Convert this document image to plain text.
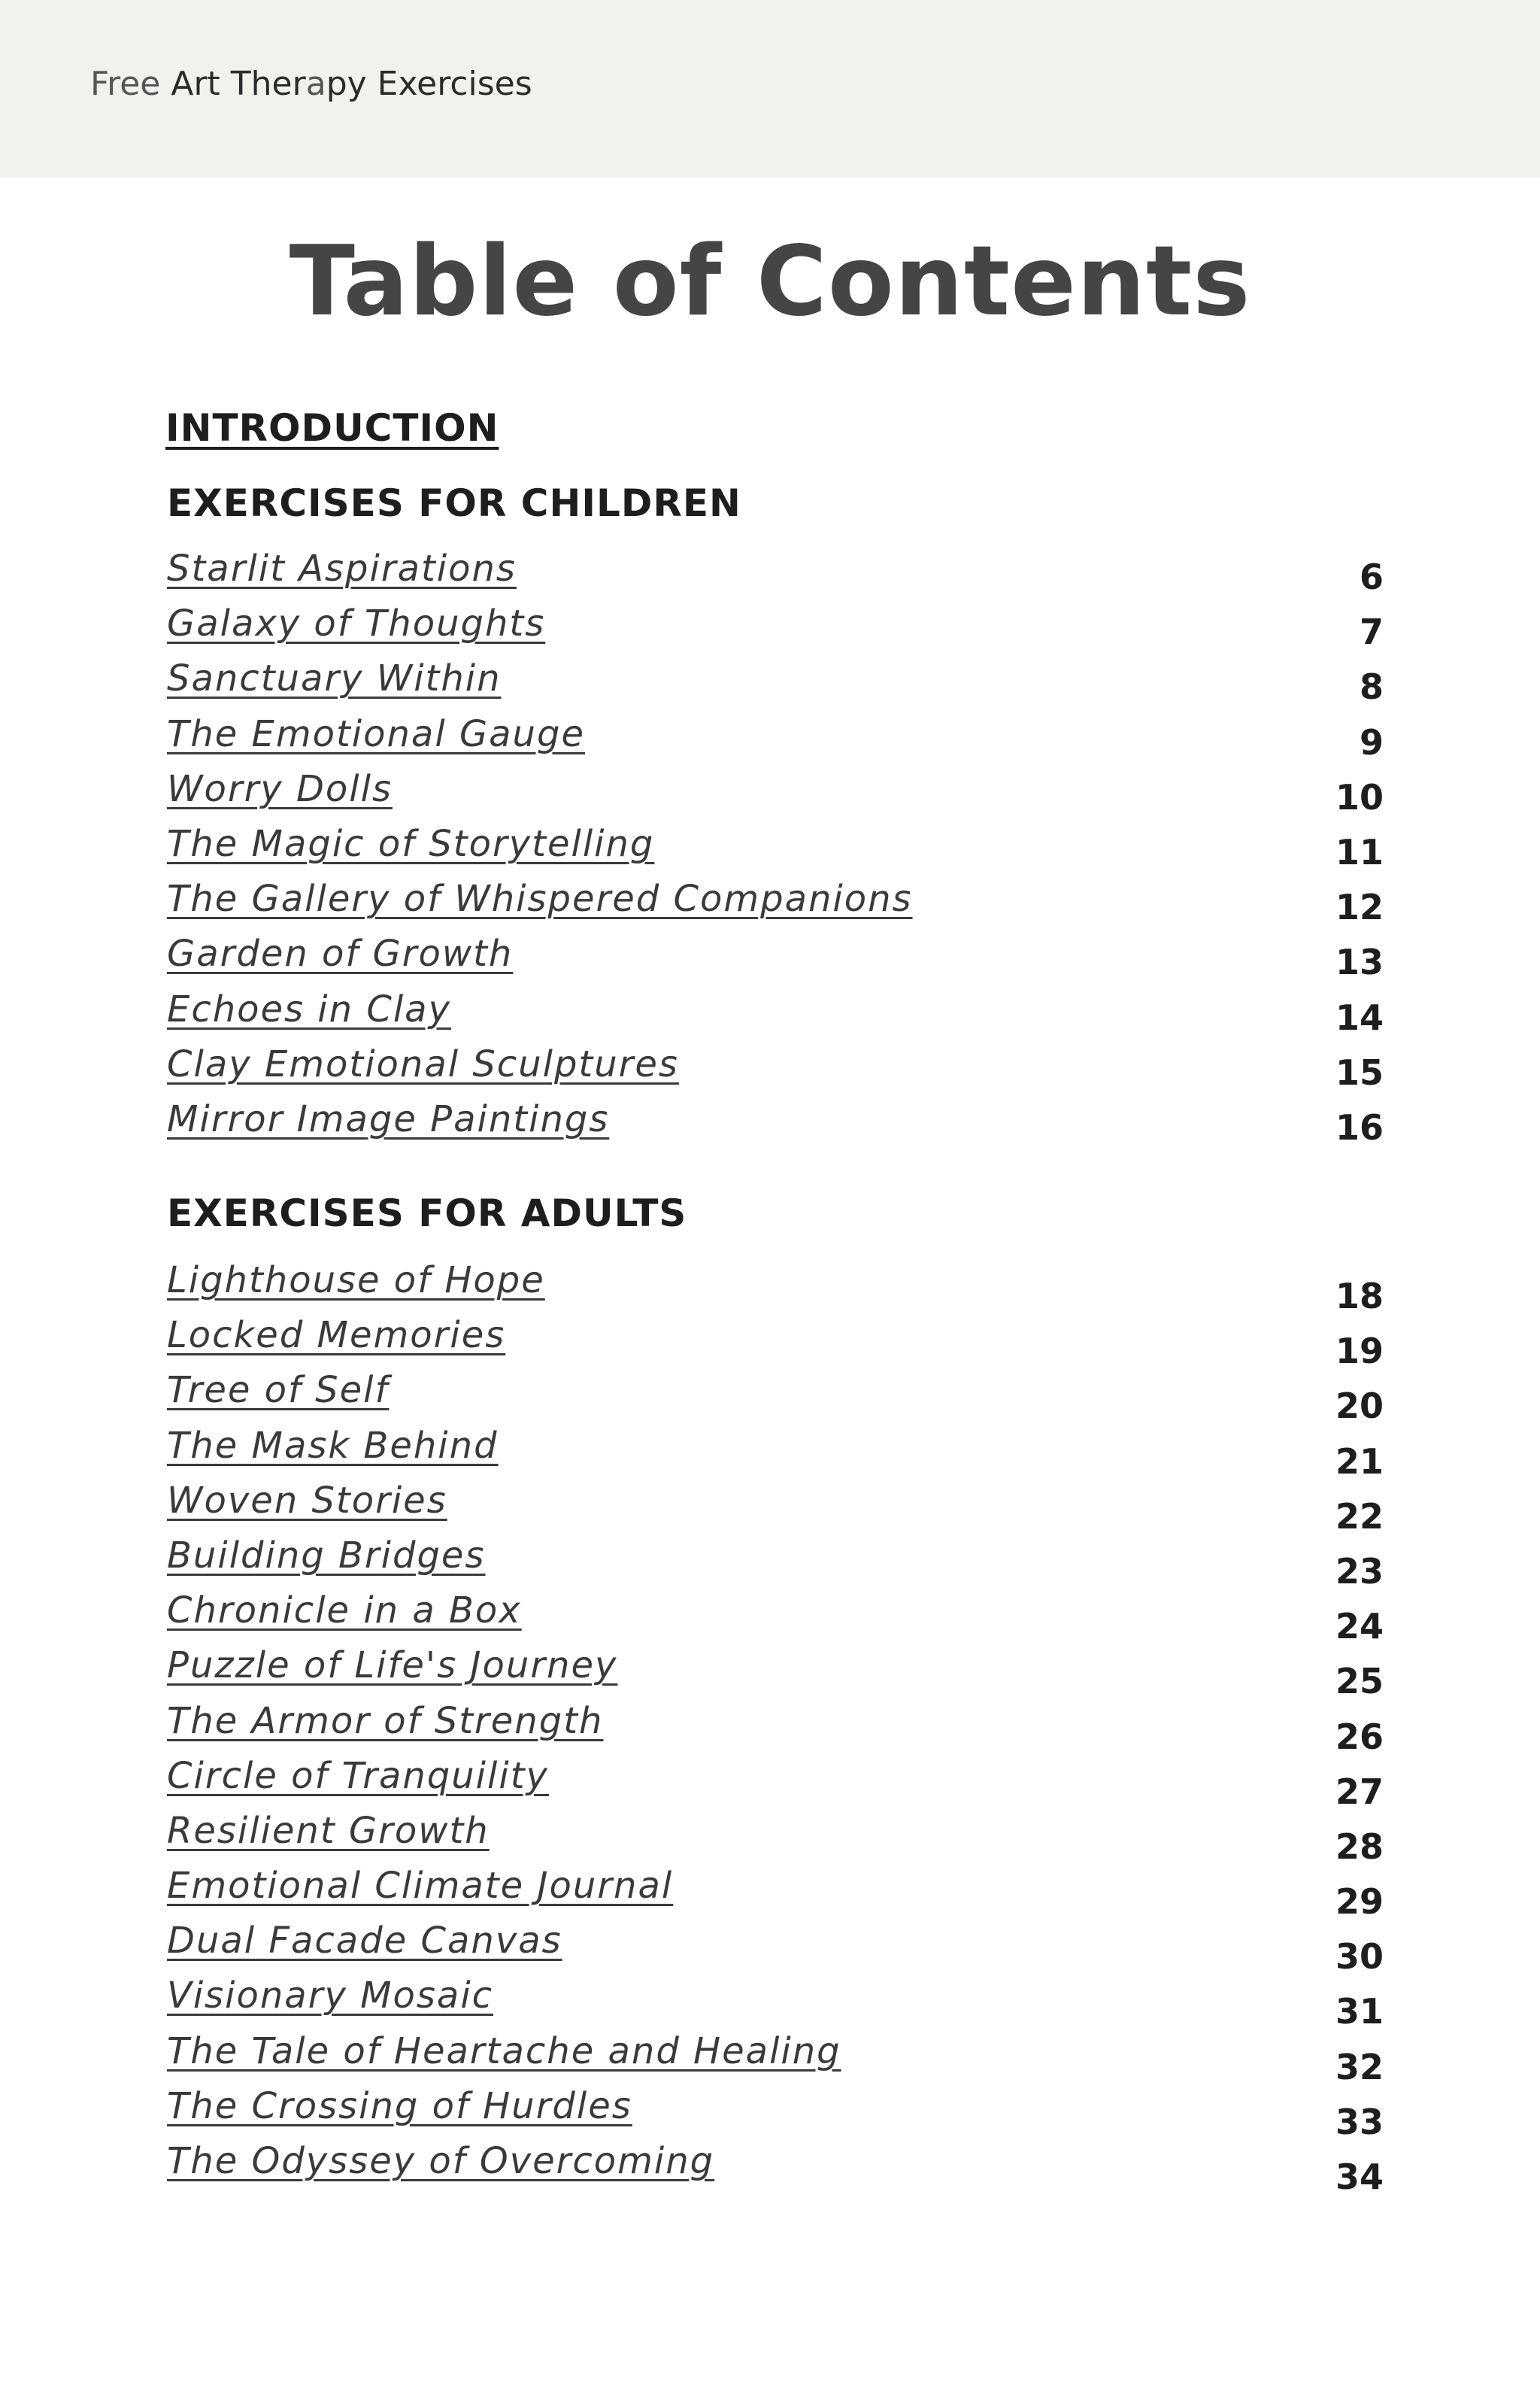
Free Art Therapy Exercises
Table of Contents
INTRODUCTION
EXERCISES FOR CHILDREN
Starlit Aspirations	6
Galaxy of Thoughts	7
Sanctuary Within	8
The Emotional Gauge	9
Worry Dolls	10
The Magic of Storytelling	11
The Gallery of Whispered Companions	12
Garden of Growth	13
Echoes in Clay	14
Clay Emotional Sculptures	15
Mirror Image Paintings	16
EXERCISES FOR ADULTS
Lighthouse of Hope	18
Locked Memories	19
Tree of Self	20
The Mask Behind	21
Woven Stories	22
Building Bridges	23
Chronicle in a Box	24
Puzzle of Life's Journey	25
The Armor of Strength	26
Circle of Tranquility	27
Resilient Growth	28
Emotional Climate Journal	29
Dual Facade Canvas	30
Visionary Mosaic	31
The Tale of Heartache and Healing	32
The Crossing of Hurdles	33
The Odyssey of Overcoming	34
